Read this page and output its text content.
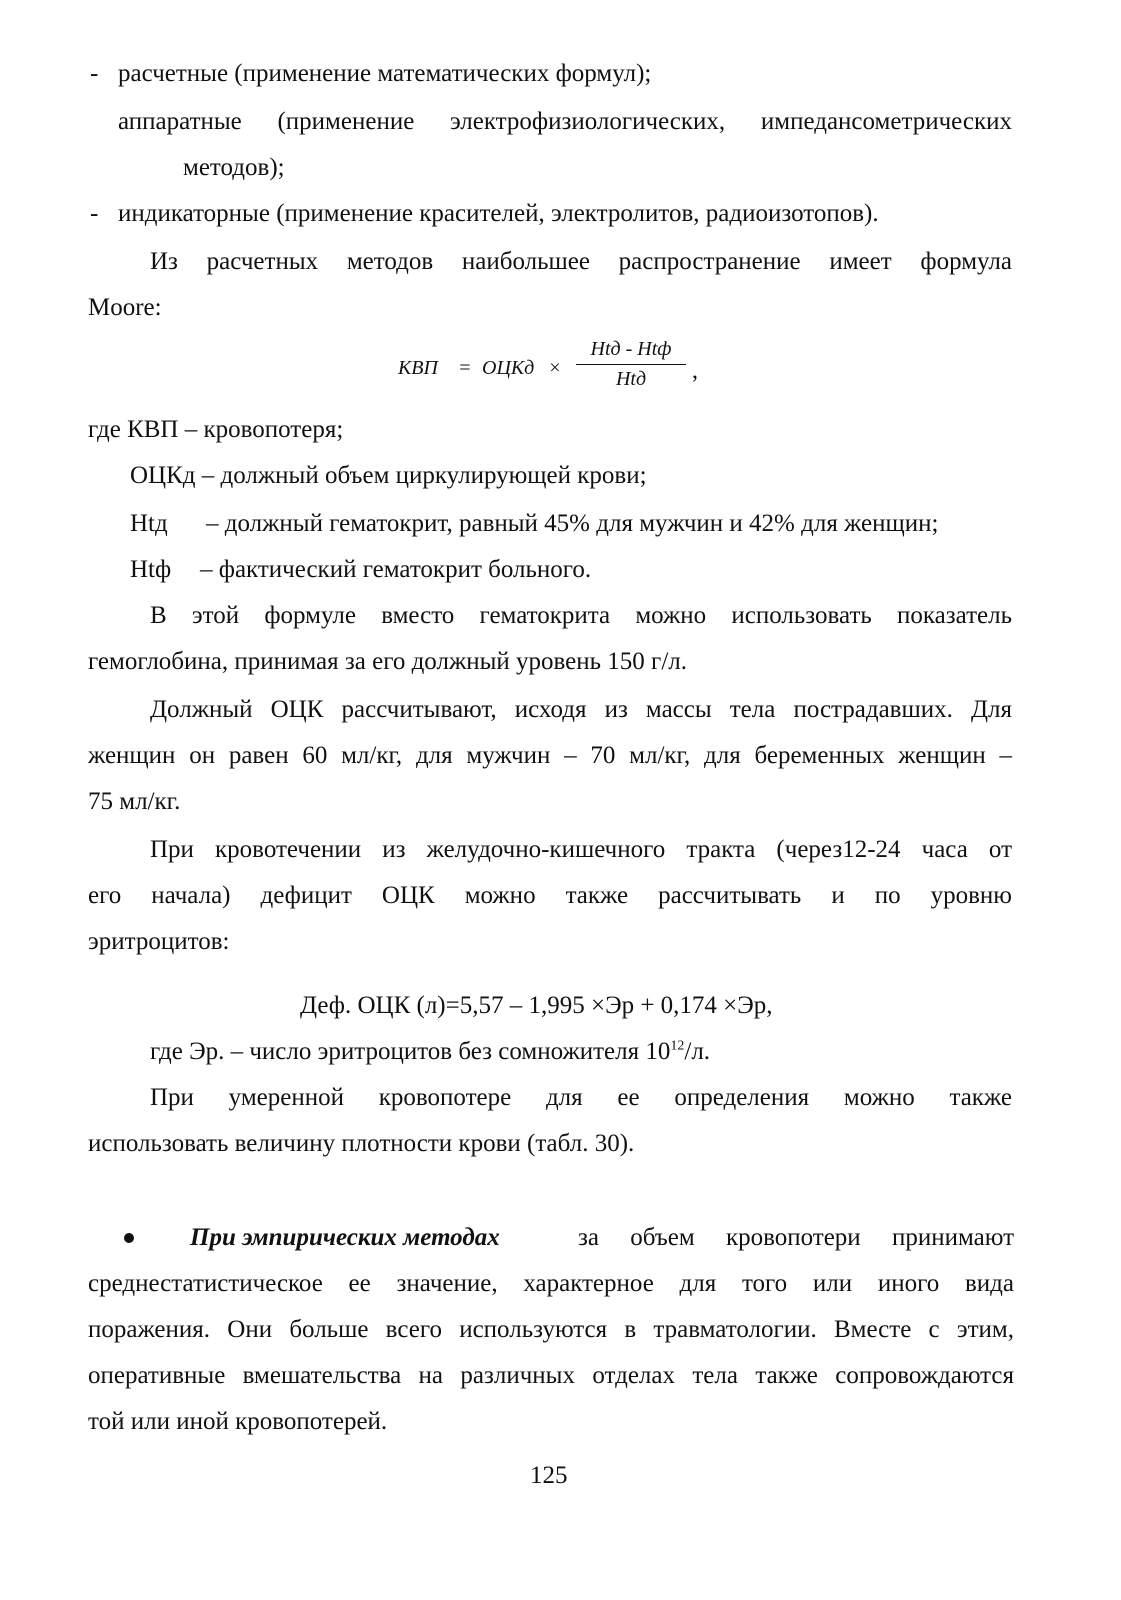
- расчетные (применение математических формул);
аппаратные (применение электрофизиологических, импедансометрических
методов);
- индикаторные (применение красителей, электролитов, радиоизотопов).
Из расчетных методов наибольшее распространение имеет формула
Moore:
КВП = ОЦКд ×
Htд - Htф
Htд	,
где КВП – кровопотеря;
ОЦКд – должный объем циркулирующей крови;
Htд – должный гематокрит, равный 45% для мужчин и 42% для женщин;
Htф – фактический гематокрит больного.
В этой формуле вместо гематокрита можно использовать показатель
гемоглобина, принимая за его должный уровень 150 г/л.
Должный ОЦК рассчитывают, исходя из массы тела пострадавших. Для
женщин он равен 60 мл/кг, для мужчин – 70 мл/кг, для беременных женщин –
75 мл/кг.
При кровотечении из желудочно-кишечного тракта (через12-24 часа от
его начала) дефицит ОЦК можно также рассчитывать и по уровню
эритроцитов:
Деф. ОЦК (л)=5,57 – 1,995 ×Эр + 0,174 ×Эр,
где Эр. – число эритроцитов без сомножителя $10^{12}/л$.
При умеренной кровопотере для ее определения можно также
использовать величину плотности крови (табл. 30).
При эмпирических методах	за объем кровопотери принимают
среднестатистическое ее значение, характерное для того или иного вида
поражения. Они больше всего используются в травматологии. Вместе с этим,
оперативные вмешательства на различных отделах тела также сопровождаются
той или иной кровопотерей.
125
